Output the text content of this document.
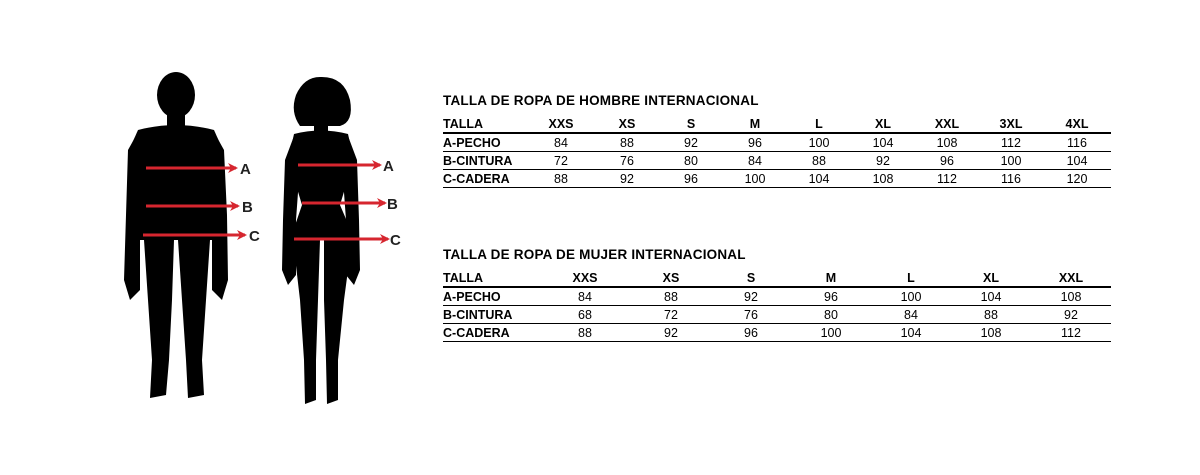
A
B
C
A
B
C
TALLA DE ROPA DE HOMBRE INTERNACIONAL
TALLA	XXS	XS	S	M	L	XL	XXL	3XL	4XL
A-PECHO	84	88	92	96	100	104	108	112	116
B-CINTURA	72	76	80	84	88	92	96	100	104
C-CADERA	88	92	96	100	104	108	112	116	120
TALLA DE ROPA DE MUJER INTERNACIONAL
TALLA	XXS	XS	S	M	L	XL	XXL
A-PECHO	84	88	92	96	100	104	108
B-CINTURA	68	72	76	80	84	88	92
C-CADERA	88	92	96	100	104	108	112
